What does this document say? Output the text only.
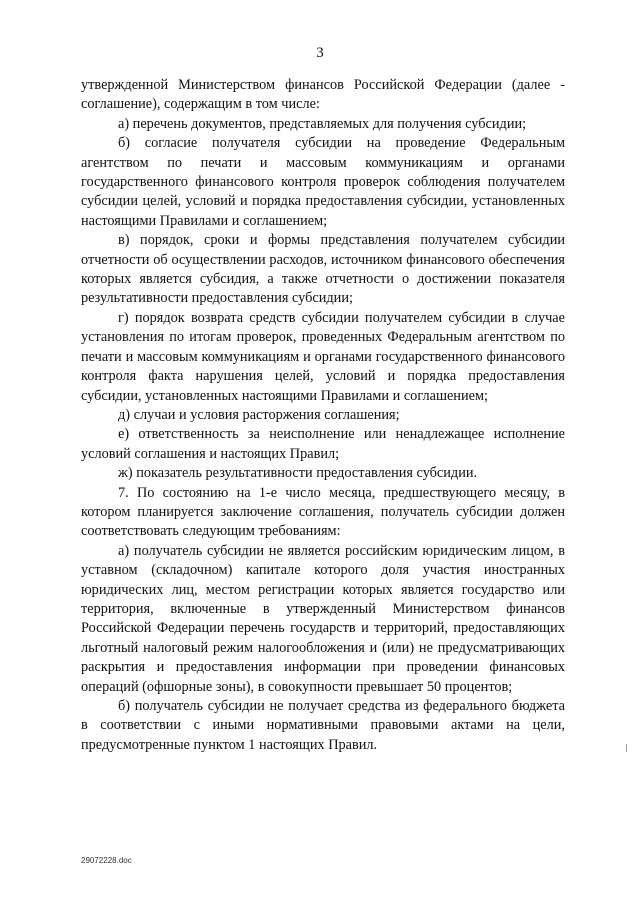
3

утвержденной Министерством финансов Российской Федерации (далее - соглашение), содержащим в том числе:

а) перечень документов, представляемых для получения субсидии;

б) согласие получателя субсидии на проведение Федеральным агентством по печати и массовым коммуникациям и органами государственного финансового контроля проверок соблюдения получателем субсидии целей, условий и порядка предоставления субсидии, установленных настоящими Правилами и соглашением;

в) порядок, сроки и формы представления получателем субсидии отчетности об осуществлении расходов, источником финансового обеспечения которых является субсидия, а также отчетности о достижении показателя результативности предоставления субсидии;

г) порядок возврата средств субсидии получателем субсидии в случае установления по итогам проверок, проведенных Федеральным агентством по печати и массовым коммуникациям и органами государственного финансового контроля факта нарушения целей, условий и порядка предоставления субсидии, установленных настоящими Правилами и соглашением;

д) случаи и условия расторжения соглашения;

е) ответственность за неисполнение или ненадлежащее исполнение условий соглашения и настоящих Правил;

ж) показатель результативности предоставления субсидии.

7. По состоянию на 1-е число месяца, предшествующего месяцу, в котором планируется заключение соглашения, получатель субсидии должен соответствовать следующим требованиям:

а) получатель субсидии не является российским юридическим лицом, в уставном (складочном) капитале которого доля участия иностранных юридических лиц, местом регистрации которых является государство или территория, включенные в утвержденный Министерством финансов Российской Федерации перечень государств и территорий, предоставляющих льготный налоговый режим налогообложения и (или) не предусматривающих раскрытия и предоставления информации при проведении финансовых операций (офшорные зоны), в совокупности превышает 50 процентов;

б) получатель субсидии не получает средства из федерального бюджета в соответствии с иными нормативными правовыми актами на цели, предусмотренные пунктом 1 настоящих Правил.

29072228.doc
